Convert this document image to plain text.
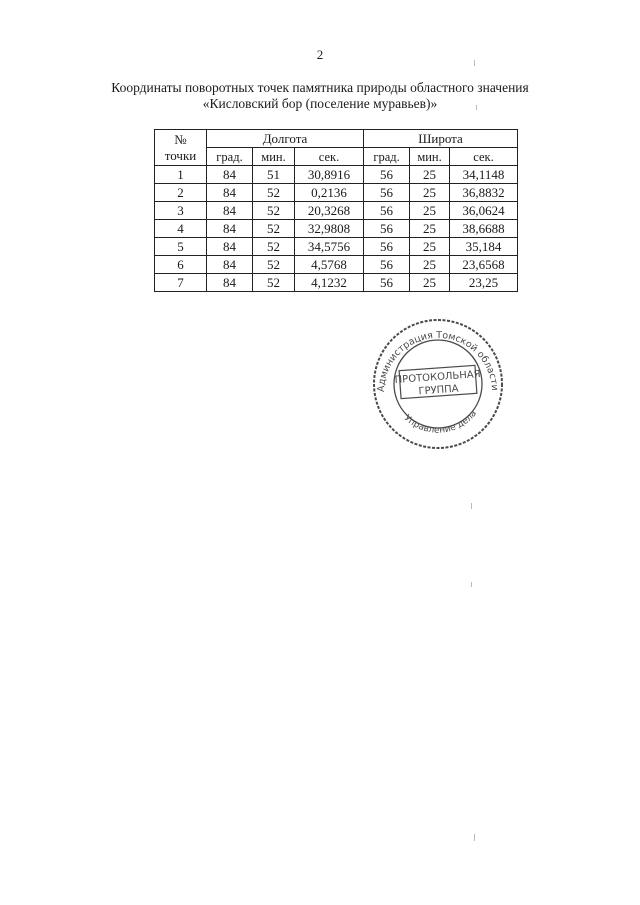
2
Координаты поворотных точек памятника природы областного значения
«Кисловский бор (поселение муравьев)»
№
точки	Долгота			Широта		
	град.	мин.	сек.	град.	мин.	сек.
1	84	51	30,8916	56	25	34,1148
2	84	52	0,2136	56	25	36,8832
3	84	52	20,3268	56	25	36,0624
4	84	52	32,9808	56	25	38,6688
5	84	52	34,5756	56	25	35,184
6	84	52	4,5768	56	25	23,6568
7	84	52	4,1232	56	25	23,25
Администрация Томской области
Управление дела
ПРОТОКОЛЬНАЯ
ГРУППА
